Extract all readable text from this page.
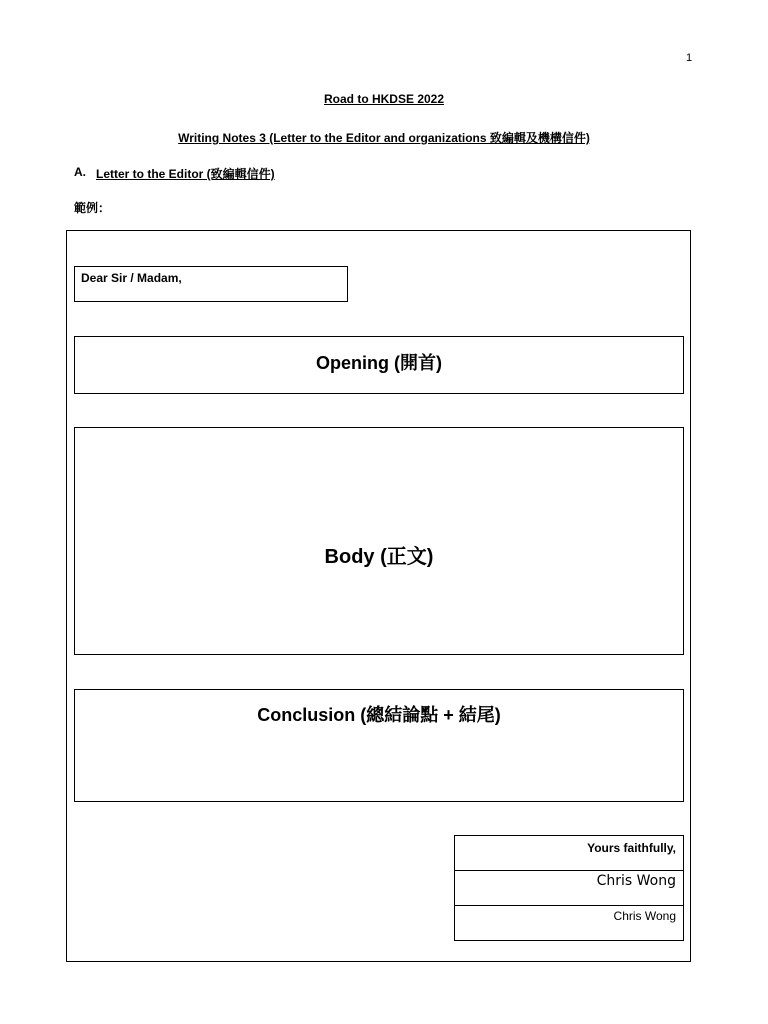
1
Road to HKDSE 2022
Writing Notes 3 (Letter to the Editor and organizations 致編輯及機構信件)
A. Letter to the Editor (致編輯信件)
範例：
Dear Sir / Madam,
Opening (開首)
Body (正文)
Conclusion (總結論點 + 結尾)
Yours faithfully,
Chris Wong
Chris Wong
